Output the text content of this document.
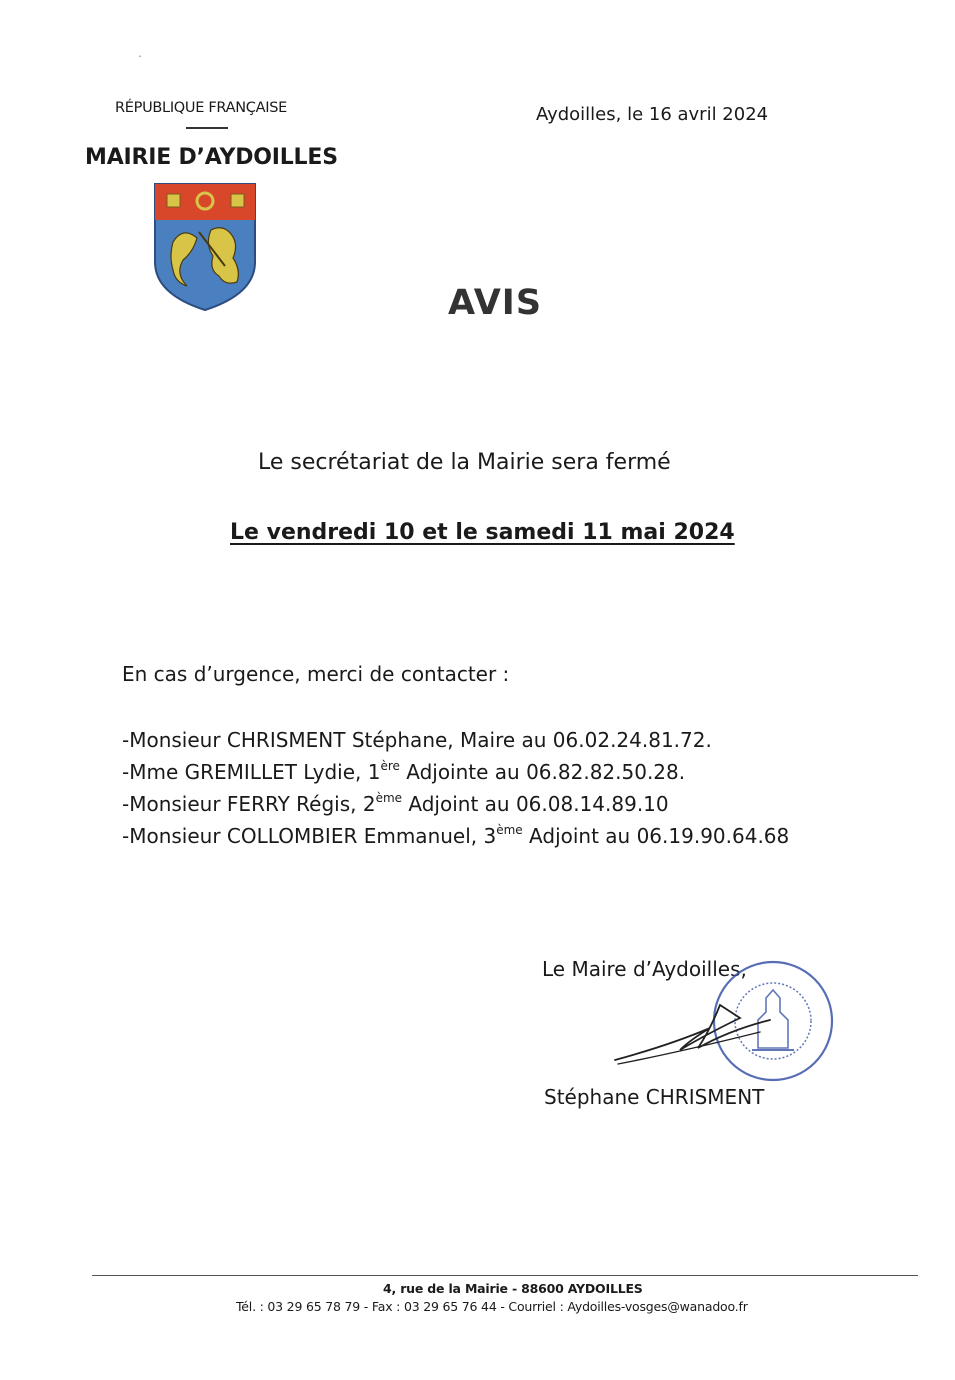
ˆ
RÉPUBLIQUE FRANÇAISE
MAIRIE D’AYDOILLES
Aydoilles, le 16 avril 2024
AVIS
Le secrétariat de la Mairie sera fermé
Le vendredi 10 et le samedi 11 mai 2024
En cas d’urgence, merci de contacter :
-Monsieur CHRISMENT Stéphane, Maire au 06.02.24.81.72.
-Mme GREMILLET Lydie, 1ère Adjointe au 06.82.82.50.28.
-Monsieur FERRY Régis, 2ème Adjoint au 06.08.14.89.10
-Monsieur COLLOMBIER Emmanuel, 3ème Adjoint au 06.19.90.64.68
Le Maire d’Aydoilles,
Stéphane CHRISMENT
4, rue de la Mairie - 88600 AYDOILLES
Tél. : 03 29 65 78 79 - Fax : 03 29 65 76 44 - Courriel : Aydoilles-vosges@wanadoo.fr
